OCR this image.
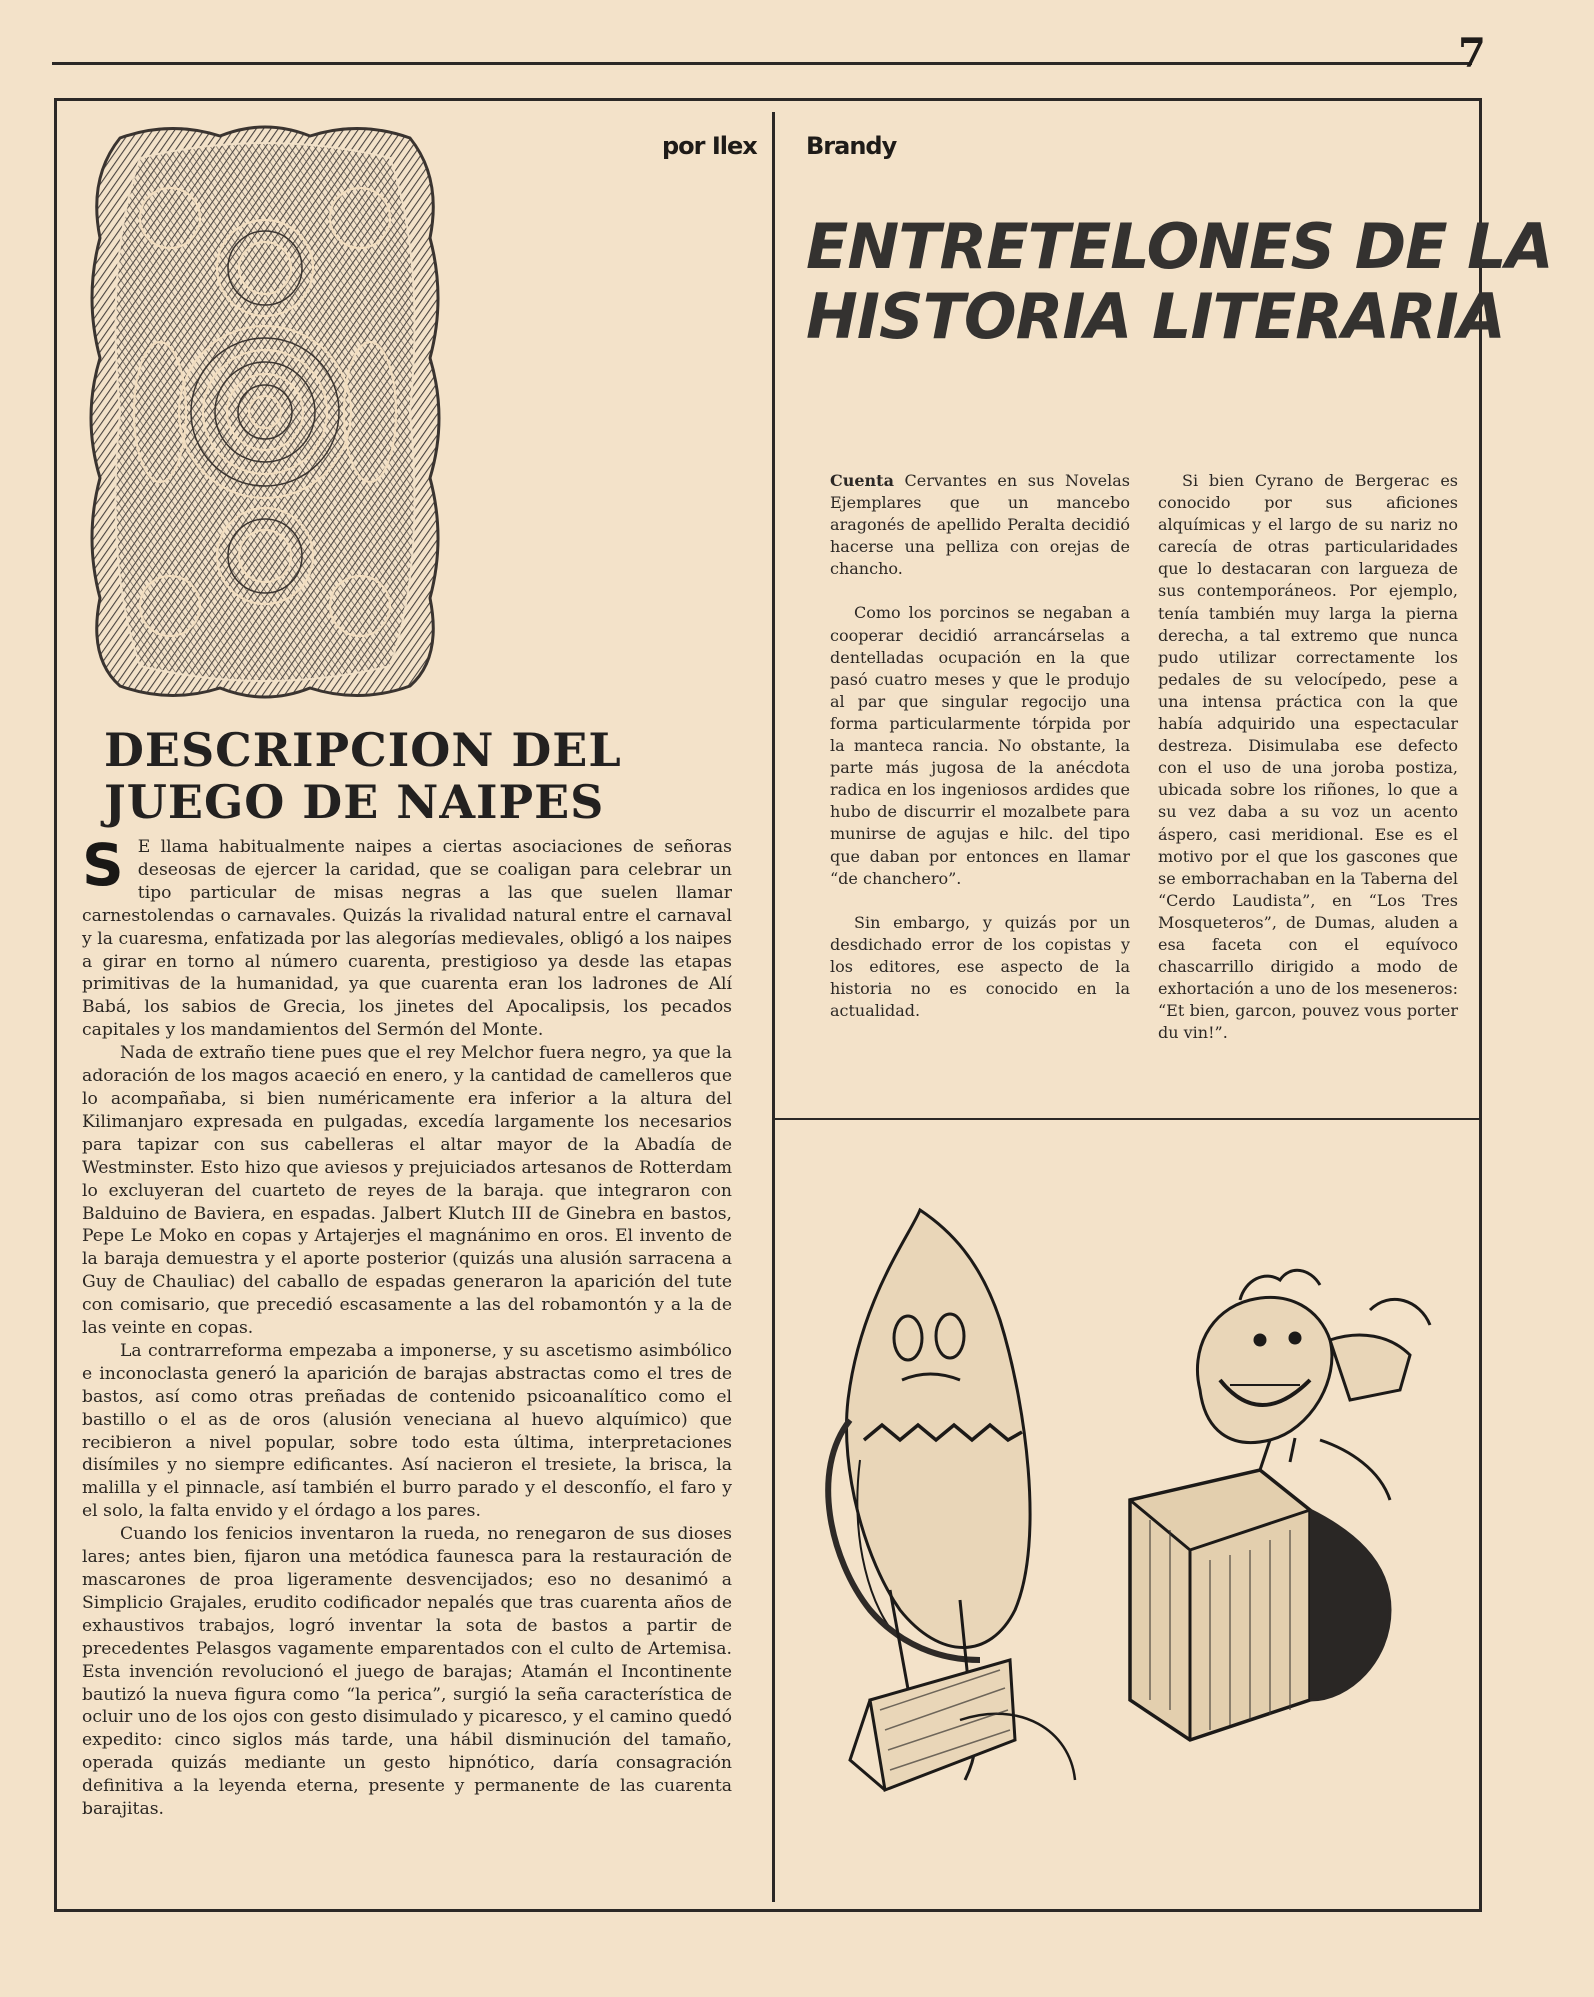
7
por Ilex Brandy
ENTRETELONES DE LA
HISTORIA LITERARIA
DESCRIPCION DEL
JUEGO DE NAIPES

S E llama habitualmente naipes a ciertas asociaciones de señoras deseosas de ejercer la caridad, que se coaligan para celebrar un tipo particular de misas negras a las que suelen llamar carnestolendas o carnavales. Quizás la rivalidad natural entre el carnaval y la cuaresma, enfatizada por las alegorías medievales, obligó a los naipes a girar en torno al número cuarenta, prestigioso ya desde las etapas primitivas de la humanidad, ya que cuarenta eran los ladrones de Alí Babá, los sabios de Grecia, los jinetes del Apocalipsis, los pecados capitales y los mandamientos del Sermón del Monte.

Nada de extraño tiene pues que el rey Melchor fuera negro, ya que la adoración de los magos acaeció en enero, y la cantidad de camelleros que lo acompañaba, si bien numéricamente era inferior a la altura del Kilimanjaro expresada en pulgadas, excedía largamente los necesarios para tapizar con sus cabelleras el altar mayor de la Abadía de Westminster. Esto hizo que aviesos y prejuiciados artesanos de Rotterdam lo excluyeran del cuarteto de reyes de la baraja. que integraron con Balduino de Baviera, en espadas. Jalbert Klutch III de Ginebra en bastos, Pepe Le Moko en copas y Artajerjes el magnánimo en oros. El invento de la baraja demuestra y el aporte posterior (quizás una alusión sarracena a Guy de Chauliac) del caballo de espadas generaron la aparición del tute con comisario, que precedió escasamente a las del robamontón y a la de las veinte en copas.

La contrarreforma empezaba a imponerse, y su ascetismo asimbólico e inconoclasta generó la aparición de barajas abstractas como el tres de bastos, así como otras preñadas de contenido psicoanalítico como el bastillo o el as de oros (alusión veneciana al huevo alquímico) que recibieron a nivel popular, sobre todo esta última, interpretaciones disímiles y no siempre edificantes. Así nacieron el tresiete, la brisca, la malilla y el pinnacle, así también el burro parado y el desconfío, el faro y el solo, la falta envido y el órdago a los pares.

Cuando los fenicios inventaron la rueda, no renegaron de sus dioses lares; antes bien, fijaron una metódica faunesca para la restauración de mascarones de proa ligeramente desvencijados; eso no desanimó a Simplicio Grajales, erudito codificador nepalés que tras cuarenta años de exhaustivos trabajos, logró inventar la sota de bastos a partir de precedentes Pelasgos vagamente emparentados con el culto de Artemisa. Esta invención revolucionó el juego de barajas; Atamán el Incontinente bautizó la nueva figura como “la perica”, surgió la seña característica de ocluir uno de los ojos con gesto disimulado y picaresco, y el camino quedó expedito: cinco siglos más tarde, una hábil disminución del tamaño, operada quizás mediante un gesto hipnótico, daría consagración definitiva a la leyenda eterna, presente y permanente de las cuarenta barajitas.

Cuenta Cervantes en sus Novelas Ejemplares que un mancebo aragonés de apellido Peralta decidió hacerse una pelliza con orejas de chancho.

Como los porcinos se negaban a cooperar decidió arrancárselas a dentelladas ocupación en la que pasó cuatro meses y que le produjo al par que singular regocijo una forma particularmente tórpida por la manteca rancia. No obstante, la parte más jugosa de la anécdota radica en los ingeniosos ardides que hubo de discurrir el mozalbete para munirse de agujas e hilc. del tipo que daban por entonces en llamar “de chanchero”.

Sin embargo, y quizás por un desdichado error de los copistas y los editores, ese aspecto de la historia no es conocido en la actualidad.

Si bien Cyrano de Bergerac es conocido por sus aficiones alquímicas y el largo de su nariz no carecía de otras particularidades que lo destacaran con largueza de sus contemporáneos. Por ejemplo, tenía también muy larga la pierna derecha, a tal extremo que nunca pudo utilizar correctamente los pedales de su velocípedo, pese a una intensa práctica con la que había adquirido una espectacular destreza. Disimulaba ese defecto con el uso de una joroba postiza, ubicada sobre los riñones, lo que a su vez daba a su voz un acento áspero, casi meridional. Ese es el motivo por el que los gascones que se emborrachaban en la Taberna del “Cerdo Laudista”, en “Los Tres Mosqueteros”, de Dumas, aluden a esa faceta con el equívoco chascarrillo dirigido a modo de exhortación a uno de los meseneros: “Et bien, garcon, pouvez vous porter du vin!”.
